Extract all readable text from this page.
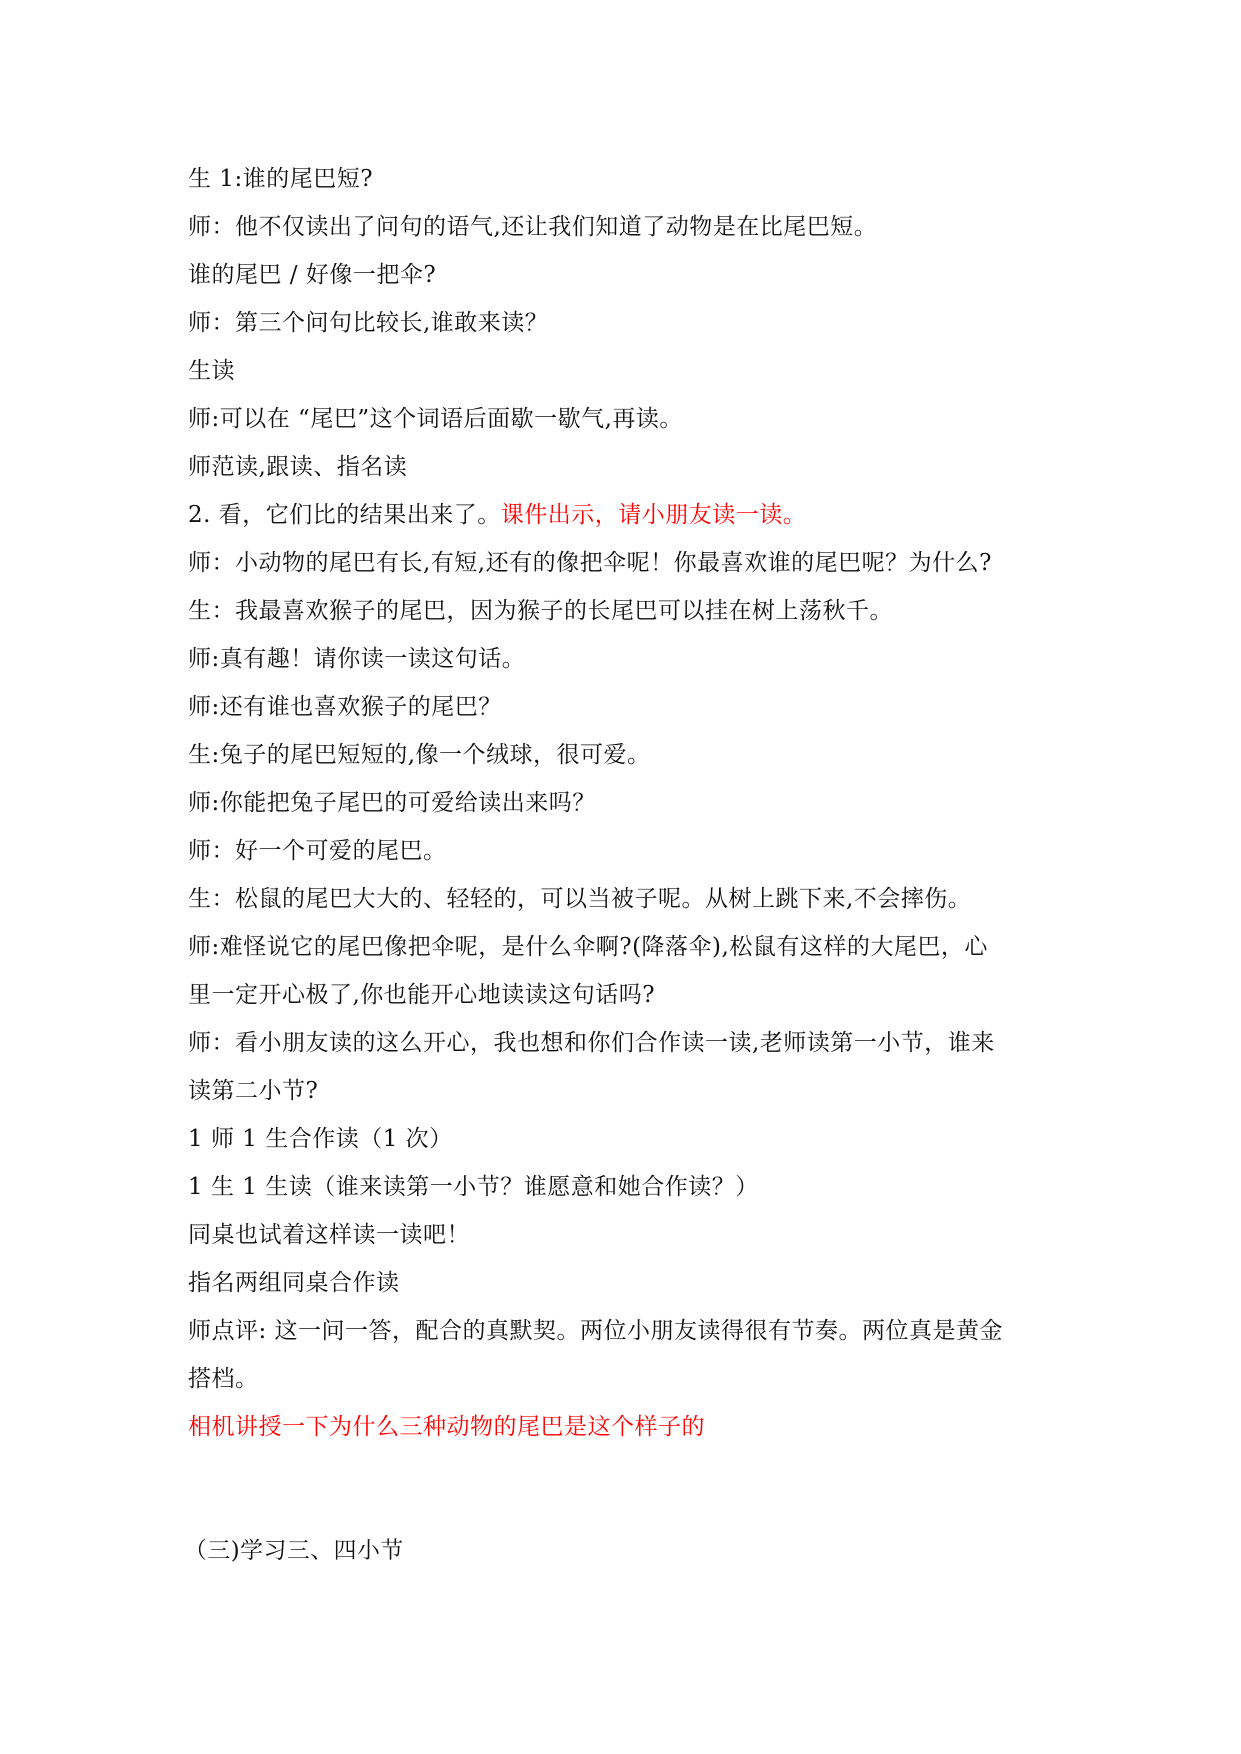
生 1:谁的尾巴短?

师：他不仅读出了问句的语气,还让我们知道了动物是在比尾巴短。

谁的尾巴 / 好像一把伞?

师：第三个问句比较长,谁敢来读？

生读

师:可以在 “尾巴”这个词语后面歇一歇气,再读。

师范读,跟读、指名读

2. 看，它们比的结果出来了。课件出示，请小朋友读一读。

师：小动物的尾巴有长,有短,还有的像把伞呢！你最喜欢谁的尾巴呢？为什么?

生：我最喜欢猴子的尾巴，因为猴子的长尾巴可以挂在树上荡秋千。

师:真有趣！请你读一读这句话。

师:还有谁也喜欢猴子的尾巴？

生:兔子的尾巴短短的,像一个绒球，很可爱。

师:你能把兔子尾巴的可爱给读出来吗？

师：好一个可爱的尾巴。

生：松鼠的尾巴大大的、轻轻的，可以当被子呢。从树上跳下来,不会摔伤。

师:难怪说它的尾巴像把伞呢，是什么伞啊?(降落伞),松鼠有这样的大尾巴，心

里一定开心极了,你也能开心地读读这句话吗?

师：看小朋友读的这么开心，我也想和你们合作读一读,老师读第一小节，谁来

读第二小节?

1 师 1 生合作读（1 次）

1 生 1 生读（谁来读第一小节？谁愿意和她合作读？）

同桌也试着这样读一读吧！

指名两组同桌合作读

师点评: 这一问一答，配合的真默契。两位小朋友读得很有节奏。两位真是黄金

搭档。

相机讲授一下为什么三种动物的尾巴是这个样子的

（三)学习三、四小节
